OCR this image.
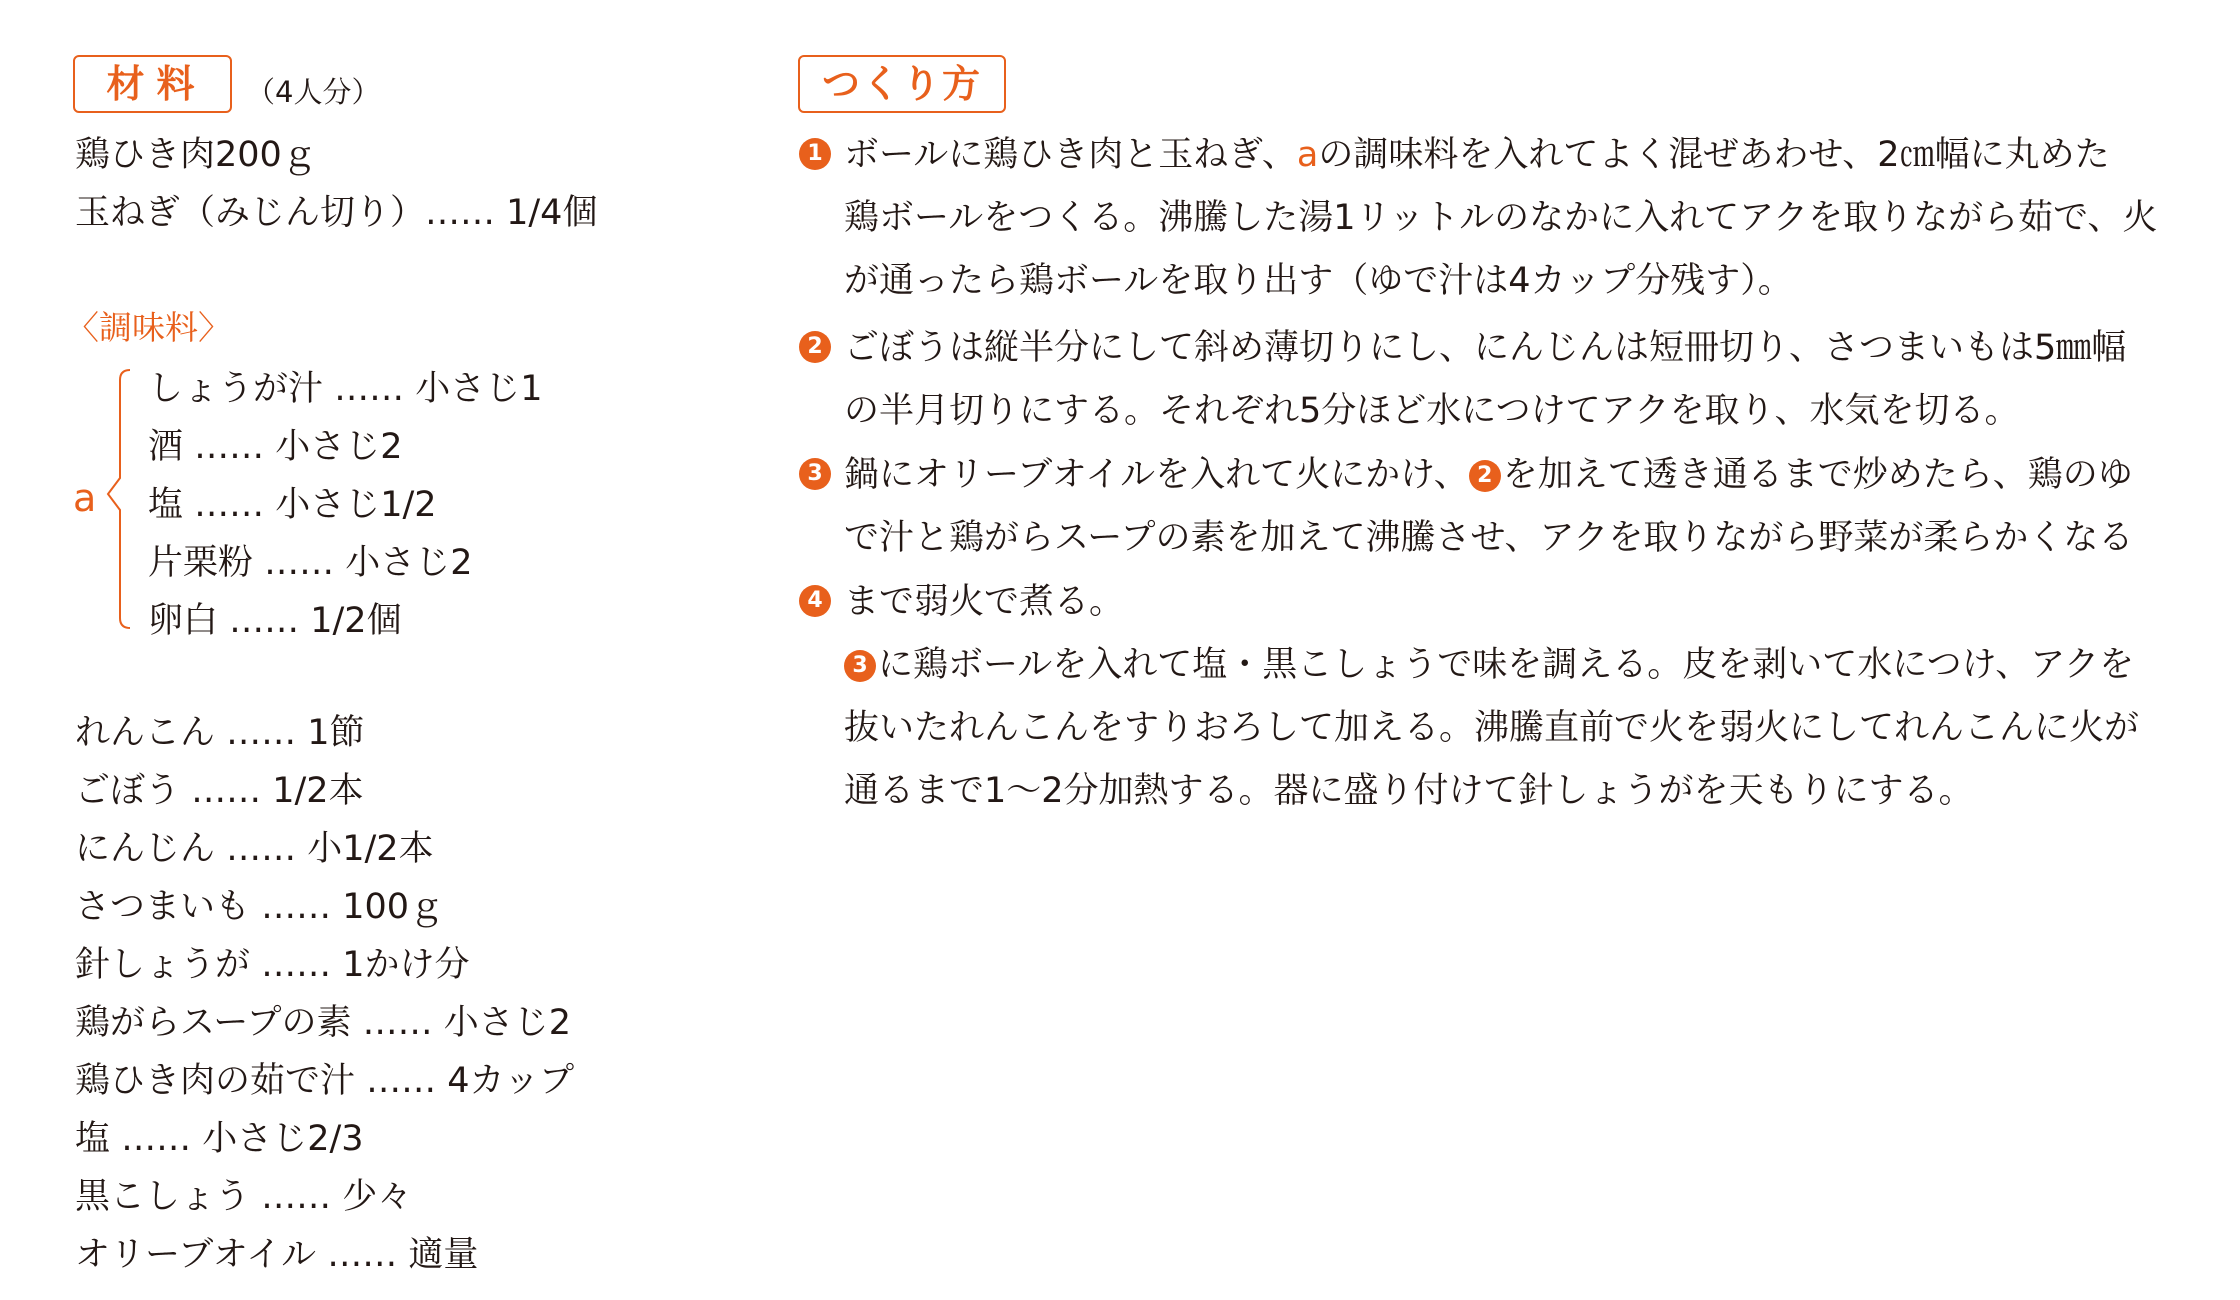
材料	（4人分）
鶏ひき肉200ｇ
玉ねぎ（みじん切り）…… 1/4個
〈調味料〉
a
しょうが汁 …… 小さじ1
酒 …… 小さじ2
塩 …… 小さじ1/2
片栗粉 …… 小さじ2
卵白 …… 1/2個
れんこん …… 1節
ごぼう …… 1/2本
にんじん …… 小1/2本
さつまいも …… 100ｇ
針しょうが …… 1かけ分
鶏がらスープの素 …… 小さじ2
鶏ひき肉の茹で汁 …… 4カップ
塩 …… 小さじ2/3
黒こしょう …… 少々
オリーブオイル …… 適量
つくり方
1 ボールに鶏ひき肉と玉ねぎ、aの調味料を入れてよく混ぜあわせ、2㎝幅に丸めた
鶏ボールをつくる。沸騰した湯1リットルのなかに入れてアクを取りながら茹で、火
が通ったら鶏ボールを取り出す（ゆで汁は4カップ分残す）。
2 ごぼうは縦半分にして斜め薄切りにし、にんじんは短冊切り、さつまいもは5㎜幅
の半月切りにする。それぞれ5分ほど水につけてアクを取り、水気を切る。
3 鍋にオリーブオイルを入れて火にかけ、 2 を加えて透き通るまで炒めたら、鶏のゆ
で汁と鶏がらスープの素を加えて沸騰させ、アクを取りながら野菜が柔らかくなる
4 まで弱火で煮る。
3 に鶏ボールを入れて塩・黒こしょうで味を調える。皮を剥いて水につけ、アクを
抜いたれんこんをすりおろして加える。沸騰直前で火を弱火にしてれんこんに火が
通るまで1〜2分加熱する。器に盛り付けて針しょうがを天もりにする。
